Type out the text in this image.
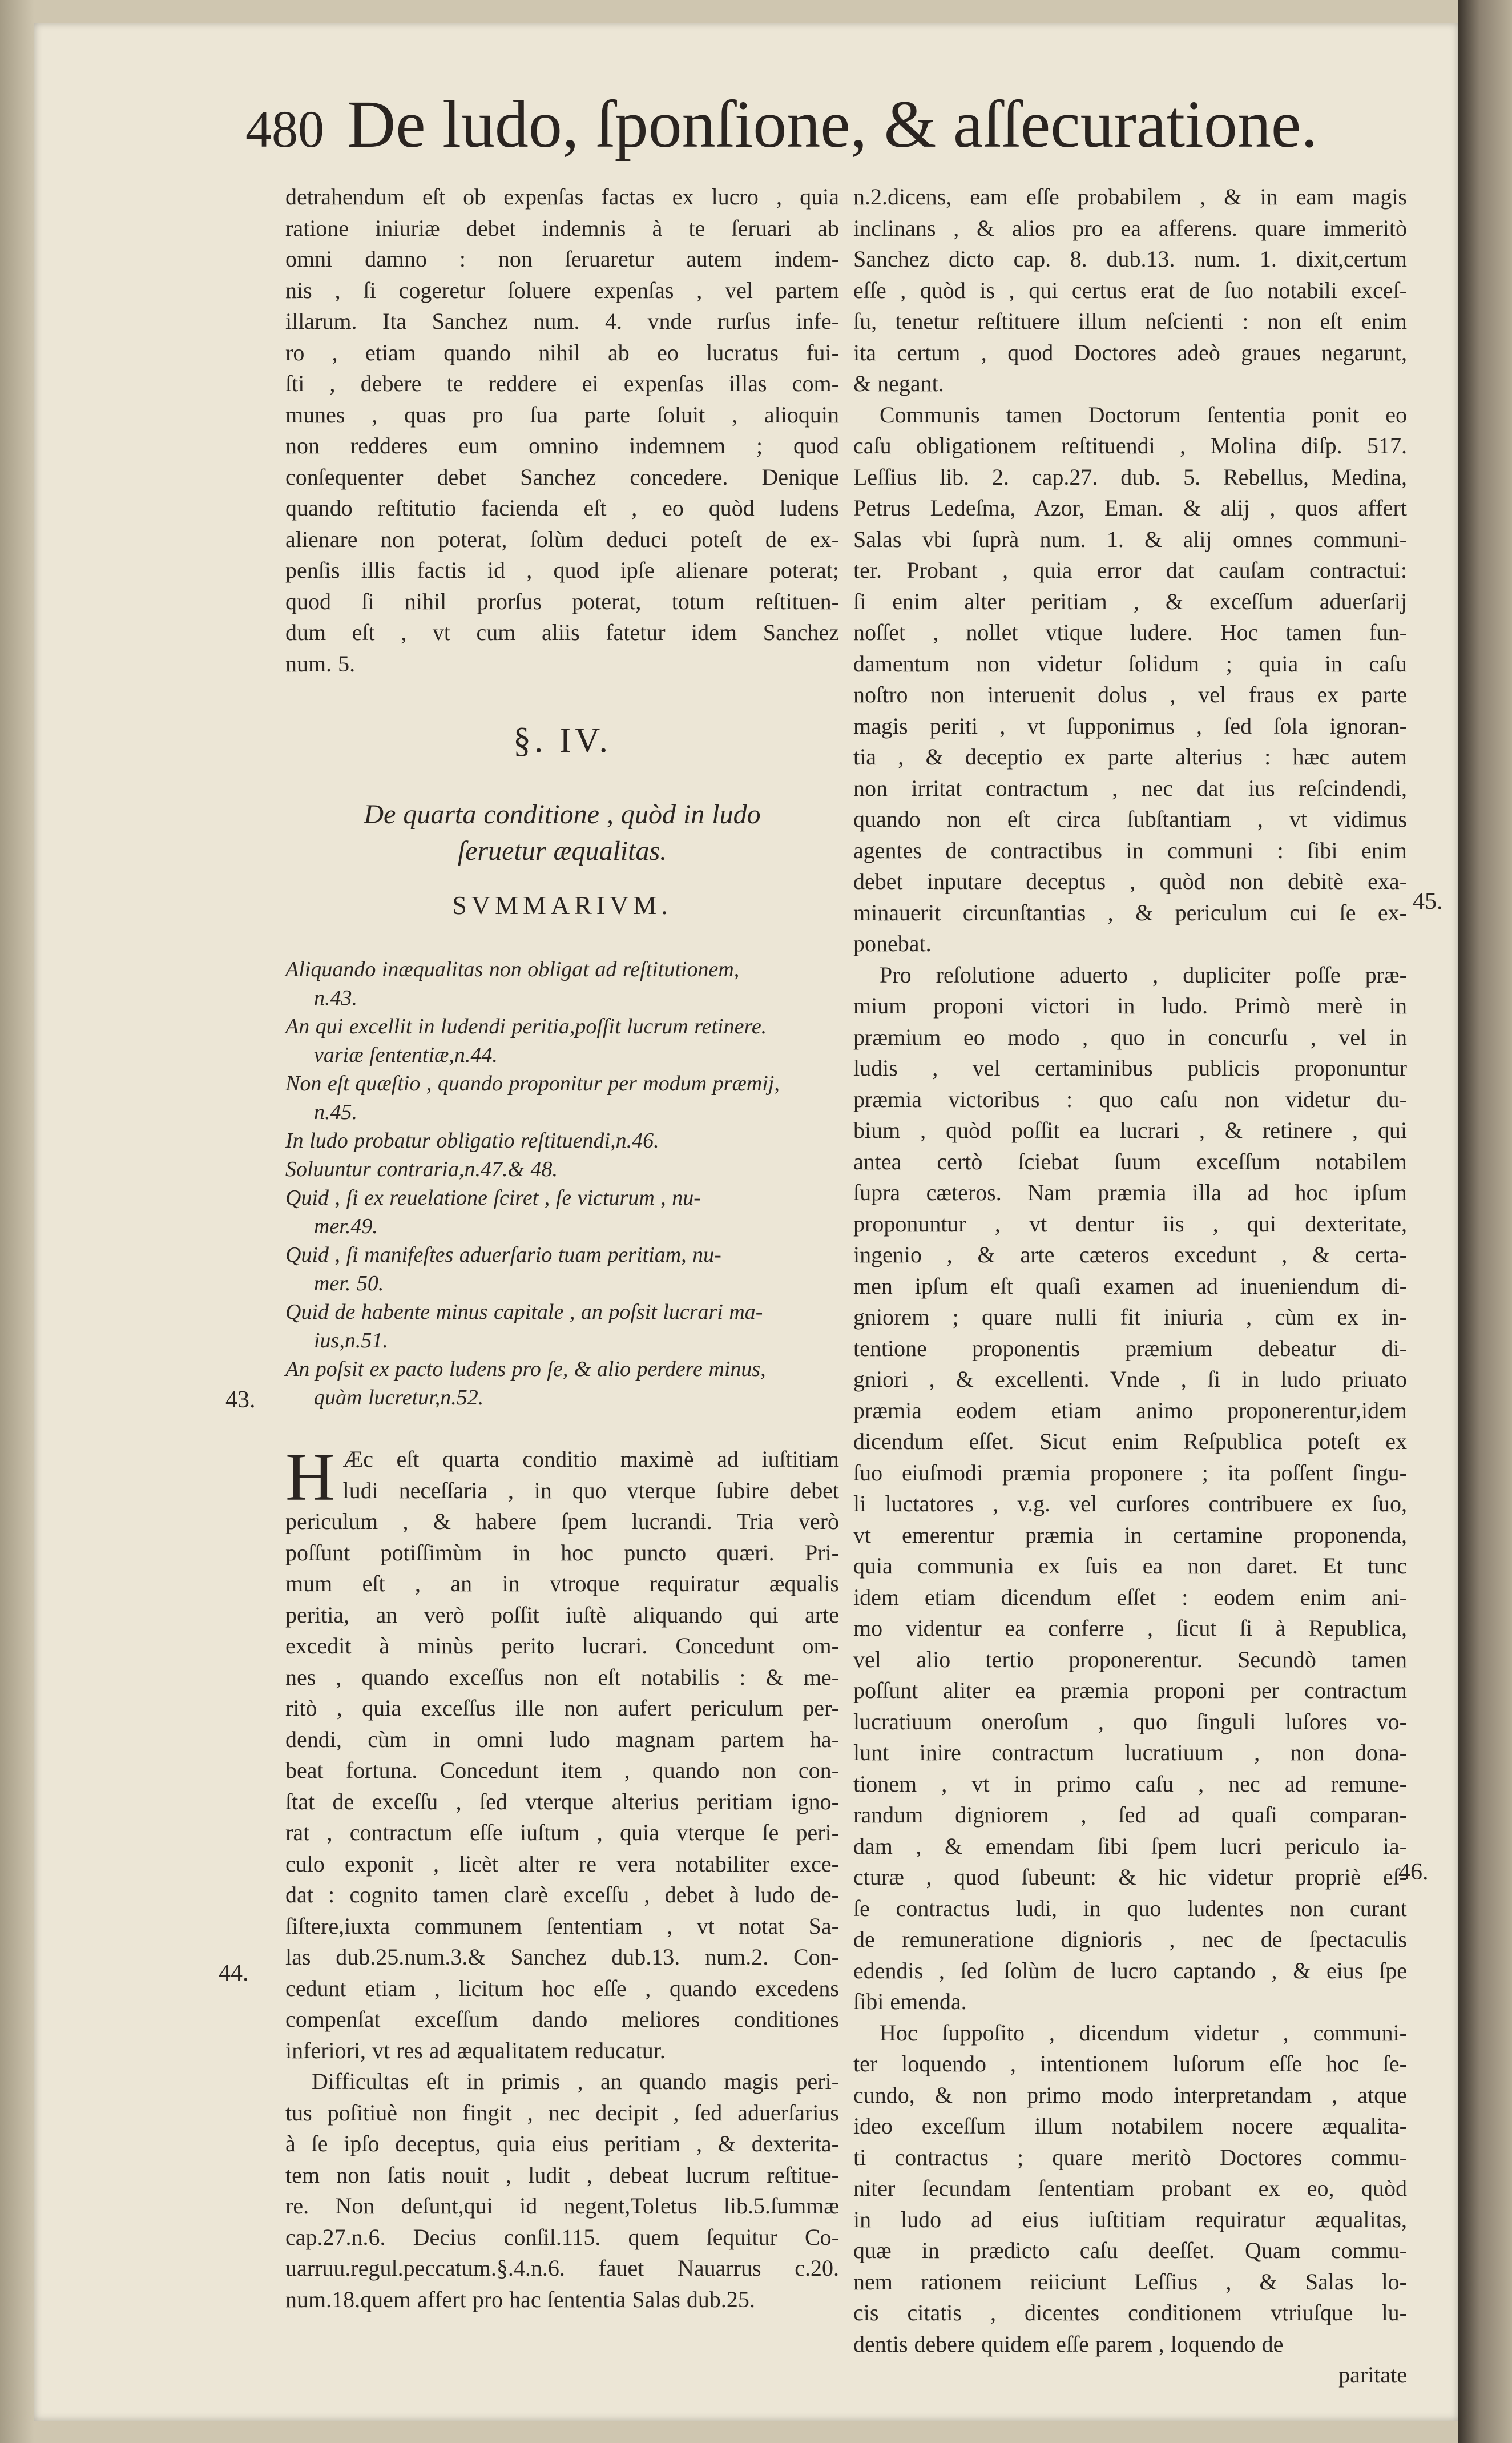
480 De ludo, ſponſione, & aſſecuratione.

detrahendum eſt ob expenſas factas ex lucro , quia
ratione iniuriæ debet indemnis à te ſeruari ab
omni damno : non ſeruaretur autem indem-
nis , ſi cogeretur ſoluere expenſas , vel partem
illarum. Ita Sanchez num. 4. vnde rurſus infe-
ro , etiam quando nihil ab eo lucratus fui-
ſti , debere te reddere ei expenſas illas com-
munes , quas pro ſua parte ſoluit , alioquin
non redderes eum omnino indemnem ; quod
conſequenter debet Sanchez concedere. Denique
quando reſtitutio facienda eſt , eo quòd ludens
alienare non poterat, ſolùm deduci poteſt de ex-
penſis illis factis id , quod ipſe alienare poterat;
quod ſi nihil prorſus poterat, totum reſtituen-
dum eſt , vt cum aliis fatetur idem Sanchez
num. 5.

§. IV.
De quarta conditione , quòd in ludo
ſeruetur æqualitas.
SVMMARIVM.
Aliquando inæqualitas non obligat ad reſtitutionem,
n.43.
An qui excellit in ludendi peritia,poſſit lucrum retinere.
variæ ſententiæ,n.44.
Non eſt quæſtio , quando proponitur per modum præmij,
n.45.
In ludo probatur obligatio reſtituendi,n.46.
Soluuntur contraria,n.47.& 48.
Quid , ſi ex reuelatione ſciret , ſe victurum , nu-
mer.49.
Quid , ſi manifeſtes aduerſario tuam peritiam, nu-
mer. 50.
Quid de habente minus capitale , an poſsit lucrari ma-
ius,n.51.
An poſsit ex pacto ludens pro ſe, & alio perdere minus,
quàm lucretur,n.52.

H Æc eſt quarta conditio maximè ad iuſtitiam
ludi neceſſaria , in quo vterque ſubire debet
periculum , & habere ſpem lucrandi. Tria verò
poſſunt potiſſimùm in hoc puncto quæri. Pri-
mum eſt , an in vtroque requiratur æqualis
peritia, an verò poſſit iuſtè aliquando qui arte
excedit à minùs perito lucrari. Concedunt om-
nes , quando exceſſus non eſt notabilis : & me-
ritò , quia exceſſus ille non aufert periculum per-
dendi, cùm in omni ludo magnam partem ha-
beat fortuna. Concedunt item , quando non con-
ſtat de exceſſu , ſed vterque alterius peritiam igno-
rat , contractum eſſe iuſtum , quia vterque ſe peri-
culo exponit , licèt alter re vera notabiliter exce-
dat : cognito tamen clarè exceſſu , debet à ludo de-
ſiſtere,iuxta communem ſententiam , vt notat Sa-
las dub.25.num.3.& Sanchez dub.13. num.2. Con-
cedunt etiam , licitum hoc eſſe , quando excedens
compenſat exceſſum dando meliores conditiones
inferiori, vt res ad æqualitatem reducatur.

Difficultas eſt in primis , an quando magis peri-
tus poſitiuè non fingit , nec decipit , ſed aduerſarius
à ſe ipſo deceptus, quia eius peritiam , & dexterita-
tem non ſatis nouit , ludit , debeat lucrum reſtitue-
re. Non deſunt,qui id negent,Toletus lib.5.ſummæ
cap.27.n.6. Decius conſil.115. quem ſequitur Co-
uarruu.regul.peccatum.§.4.n.6. fauet Nauarrus c.20.
num.18.quem affert pro hac ſententia Salas dub.25.

n.2.dicens, eam eſſe probabilem , & in eam magis
inclinans , & alios pro ea afferens. quare immeritò
Sanchez dicto cap. 8. dub.13. num. 1. dixit,certum
eſſe , quòd is , qui certus erat de ſuo notabili exceſ-
ſu, tenetur reſtituere illum neſcienti : non eſt enim
ita certum , quod Doctores adeò graues negarunt,
& negant.

Communis tamen Doctorum ſententia ponit eo
caſu obligationem reſtituendi , Molina diſp. 517.
Leſſius lib. 2. cap.27. dub. 5. Rebellus, Medina,
Petrus Ledeſma, Azor, Eman. & alij , quos affert
Salas vbi ſuprà num. 1. & alij omnes communi-
ter. Probant , quia error dat cauſam contractui:
ſi enim alter peritiam , & exceſſum aduerſarij
noſſet , nollet vtique ludere. Hoc tamen fun-
damentum non videtur ſolidum ; quia in caſu
noſtro non interuenit dolus , vel fraus ex parte
magis periti , vt ſupponimus , ſed ſola ignoran-
tia , & deceptio ex parte alterius : hæc autem
non irritat contractum , nec dat ius reſcindendi,
quando non eſt circa ſubſtantiam , vt vidimus
agentes de contractibus in communi : ſibi enim
debet inputare deceptus , quòd non debitè exa-
minauerit circunſtantias , & periculum cui ſe ex-
ponebat.

Pro reſolutione aduerto , dupliciter poſſe præ-
mium proponi victori in ludo. Primò merè in
præmium eo modo , quo in concurſu , vel in
ludis , vel certaminibus publicis proponuntur
præmia victoribus : quo caſu non videtur du-
bium , quòd poſſit ea lucrari , & retinere , qui
antea certò ſciebat ſuum exceſſum notabilem
ſupra cæteros. Nam præmia illa ad hoc ipſum
proponuntur , vt dentur iis , qui dexteritate,
ingenio , & arte cæteros excedunt , & certa-
men ipſum eſt quaſi examen ad inueniendum di-
gniorem ; quare nulli fit iniuria , cùm ex in-
tentione proponentis præmium debeatur di-
gniori , & excellenti. Vnde , ſi in ludo priuato
præmia eodem etiam animo proponerentur,idem
dicendum eſſet. Sicut enim Reſpublica poteſt ex
ſuo eiuſmodi præmia proponere ; ita poſſent ſingu-
li luctatores , v.g. vel curſores contribuere ex ſuo,
vt emerentur præmia in certamine proponenda,
quia communia ex ſuis ea non daret. Et tunc
idem etiam dicendum eſſet : eodem enim ani-
mo videntur ea conferre , ſicut ſi à Republica,
vel alio tertio proponerentur. Secundò tamen
poſſunt aliter ea præmia proponi per contractum
lucratiuum oneroſum , quo ſinguli luſores vo-
lunt inire contractum lucratiuum , non dona-
tionem , vt in primo caſu , nec ad remune-
randum digniorem , ſed ad quaſi comparan-
dam , & emendam ſibi ſpem lucri periculo ia-
cturæ , quod ſubeunt: & hic videtur propriè eſ-
ſe contractus ludi, in quo ludentes non curant
de remuneratione digniorіs , nec de ſpectaculis
edendis , ſed ſolùm de lucro captando , & eius ſpe
ſibi emenda.

Hoc ſuppoſito , dicendum videtur , communi-
ter loquendo , intentionem luſorum eſſe hoc ſe-
cundo, & non primo modo interpretandam , atque
ideo exceſſum illum notabilem nocere æqualita-
ti contractus ; quare meritò Doctores commu-
niter ſecundam ſententiam probant ex eo, quòd
in ludo ad eius iuſtitiam requiratur æqualitas,
quæ in prædicto caſu deeſſet. Quam commu-
nem rationem reiiciunt Leſſius , & Salas lo-
cis citatis , dicentes conditionem vtriuſque lu-
dentis debere quidem eſſe parem , loquendo de

paritate
43.
44.
45.
46.
